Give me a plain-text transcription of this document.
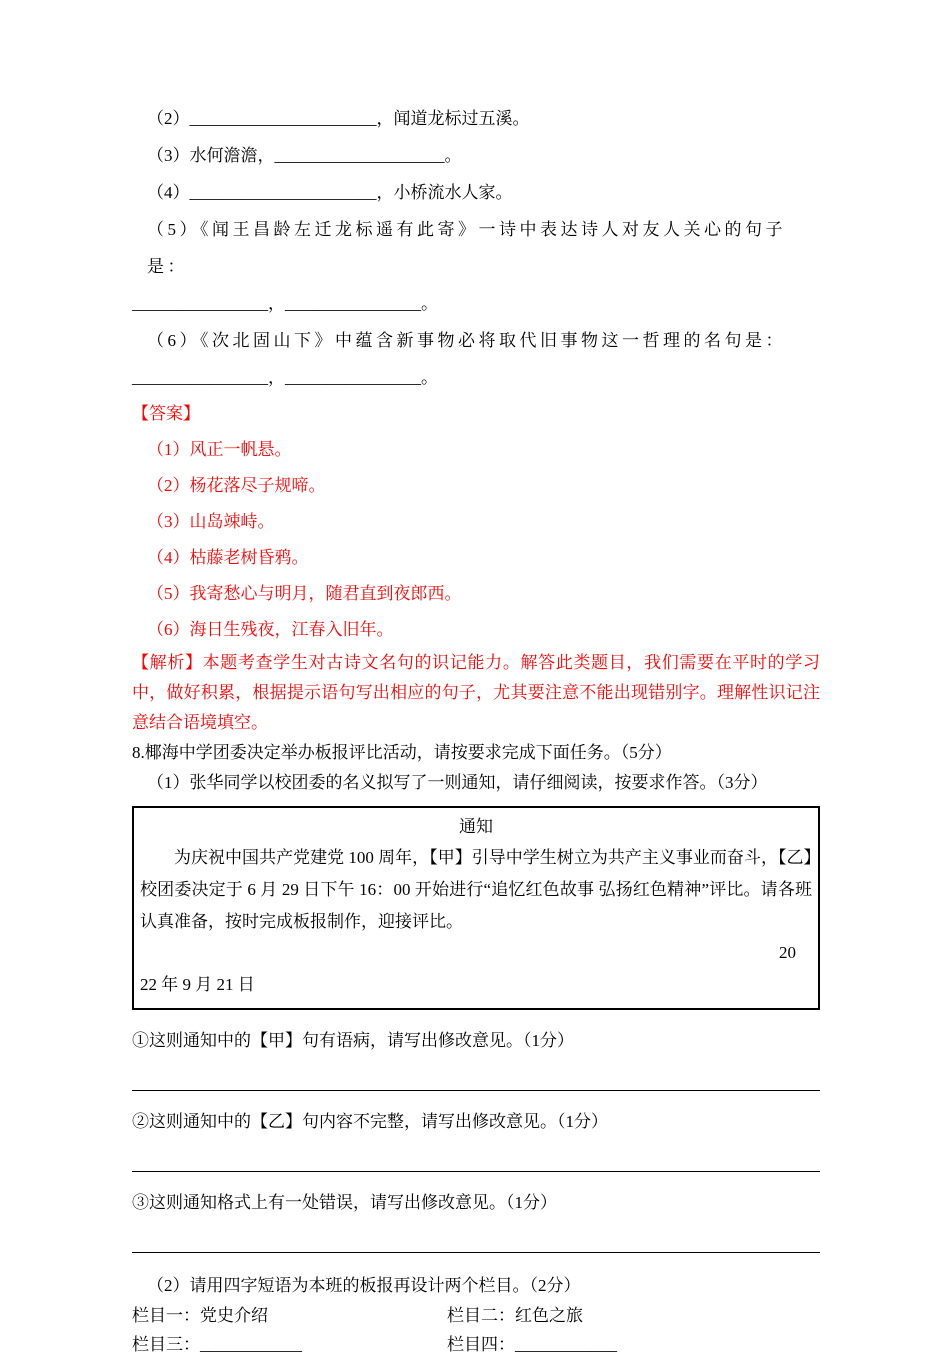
（2）______________________，闻道龙标过五溪。

（3）水何澹澹，____________________。

（4）______________________，小桥流水人家。

（5）《闻王昌龄左迁龙标遥有此寄》一诗中表达诗人对友人关心的句子是：

________________，________________。

（6）《次北固山下》中蕴含新事物必将取代旧事物这一哲理的名句是：

________________，________________。

【答案】

（1）风正一帆悬。

（2）杨花落尽子规啼。

（3）山岛竦峙。

（4）枯藤老树昏鸦。

（5）我寄愁心与明月，随君直到夜郎西。

（6）海日生残夜，江春入旧年。

【解析】本题考查学生对古诗文名句的识记能力。解答此类题目，我们需要在平时的学习中，做好积累，根据提示语句写出相应的句子，尤其要注意不能出现错别字。理解性识记注意结合语境填空。

8.椰海中学团委决定举办板报评比活动，请按要求完成下面任务。（5分）

（1）张华同学以校团委的名义拟写了一则通知，请仔细阅读，按要求作答。（3分）

通知

为庆祝中国共产党建党 100 周年，【甲】引导中学生树立为共产主义事业而奋斗，【乙】校团委决定于 6 月 29 日下午 16：00 开始进行“追忆红色故事 弘扬红色精神”评比。请各班认真准备，按时完成板报制作，迎接评比。

20

22 年 9 月 21 日

①这则通知中的【甲】句有语病，请写出修改意见。（1分）

②这则通知中的【乙】句内容不完整，请写出修改意见。（1分）

③这则通知格式上有一处错误，请写出修改意见。（1分）

（2）请用四字短语为本班的板报再设计两个栏目。（2分）

栏目一：党史介绍	栏目二：红色之旅
栏目三：____________	栏目四：____________
